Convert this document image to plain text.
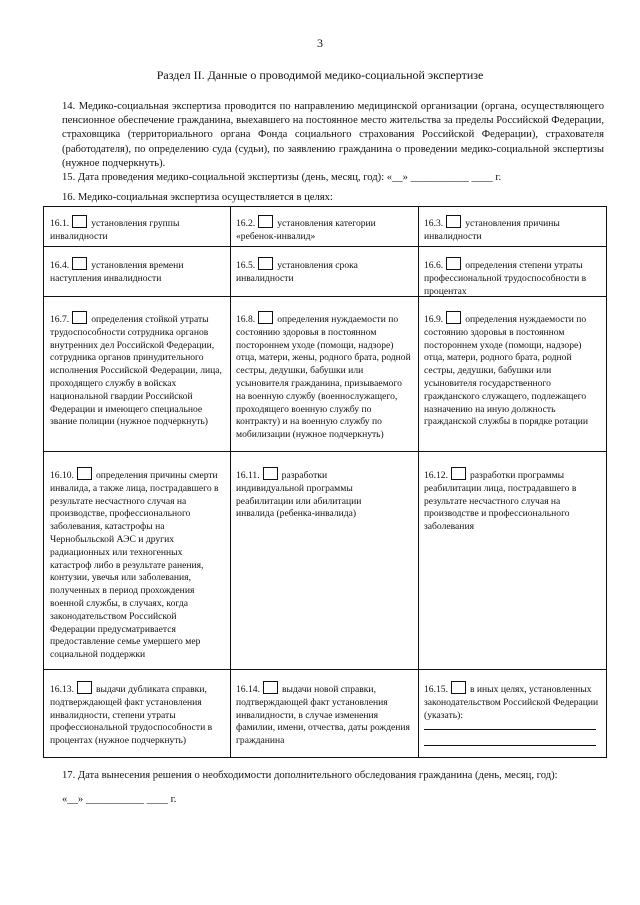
3
Раздел II. Данные о проводимой медико-социальной экспертизе
14. Медико-социальная экспертиза проводится по направлению медицинской организации (органа, осуществляющего пенсионное обеспечение гражданина, выехавшего на постоянное место жительства за пределы Российской Федерации, страховщика (территориального органа Фонда социального страхования Российской Федерации), страхователя (работодателя), по определению суда (судьи), по заявлению гражданина о проведении медико-социальной экспертизы (нужное подчеркнуть).
15. Дата проведения медико-социальной экспертизы (день, месяц, год): «__» ___________ ____ г.
16. Медико-социальная экспертиза осуществляется в целях:
16.1. установления группы инвалидности
16.2. установления категории «ребенок-инвалид»
16.3. установления причины инвалидности
16.4. установления времени наступления инвалидности
16.5. установления срока инвалидности
16.6. определения степени утраты профессиональной трудоспособности в процентах
16.7. определения стойкой утраты трудоспособности сотрудника органов внутренних дел Российской Федерации, сотрудника органов принудительного исполнения Российской Федерации, лица, проходящего службу в войсках национальной гвардии Российской Федерации и имеющего специальное звание полиции (нужное подчеркнуть)
16.8. определения нуждаемости по состоянию здоровья в постоянном постороннем уходе (помощи, надзоре) отца, матери, жены, родного брата, родной сестры, дедушки, бабушки или усыновителя гражданина, призываемого на военную службу (военнослужащего, проходящего военную службу по контракту) и на военную службу по мобилизации (нужное подчеркнуть)
16.9. определения нуждаемости по состоянию здоровья в постоянном постороннем уходе (помощи, надзоре) отца, матери, родного брата, родной сестры, дедушки, бабушки или усыновителя государственного гражданского служащего, подлежащего назначению на иную должность гражданской службы в порядке ротации
16.10. определения причины смерти инвалида, а также лица, пострадавшего в результате несчастного случая на производстве, профессионального заболевания, катастрофы на Чернобыльской АЭС и других радиационных или техногенных катастроф либо в результате ранения, контузии, увечья или заболевания, полученных в период прохождения военной службы, в случаях, когда законодательством Российской Федерации предусматривается предоставление семье умершего мер социальной поддержки
16.11. разработки индивидуальной программы реабилитации или абилитации инвалида (ребенка-инвалида)
16.12. разработки программы реабилитации лица, пострадавшего в результате несчастного случая на производстве и профессионального заболевания
16.13. выдачи дубликата справки, подтверждающей факт установления инвалидности, степени утраты профессиональной трудоспособности в процентах (нужное подчеркнуть)
16.14. выдачи новой справки, подтверждающей факт установления инвалидности, в случае изменения фамилии, имени, отчества, даты рождения гражданина
16.15. в иных целях, установленных законодательством Российской Федерации (указать):
17. Дата вынесения решения о необходимости дополнительного обследования гражданина (день, месяц, год):
«__» ___________ ____ г.
